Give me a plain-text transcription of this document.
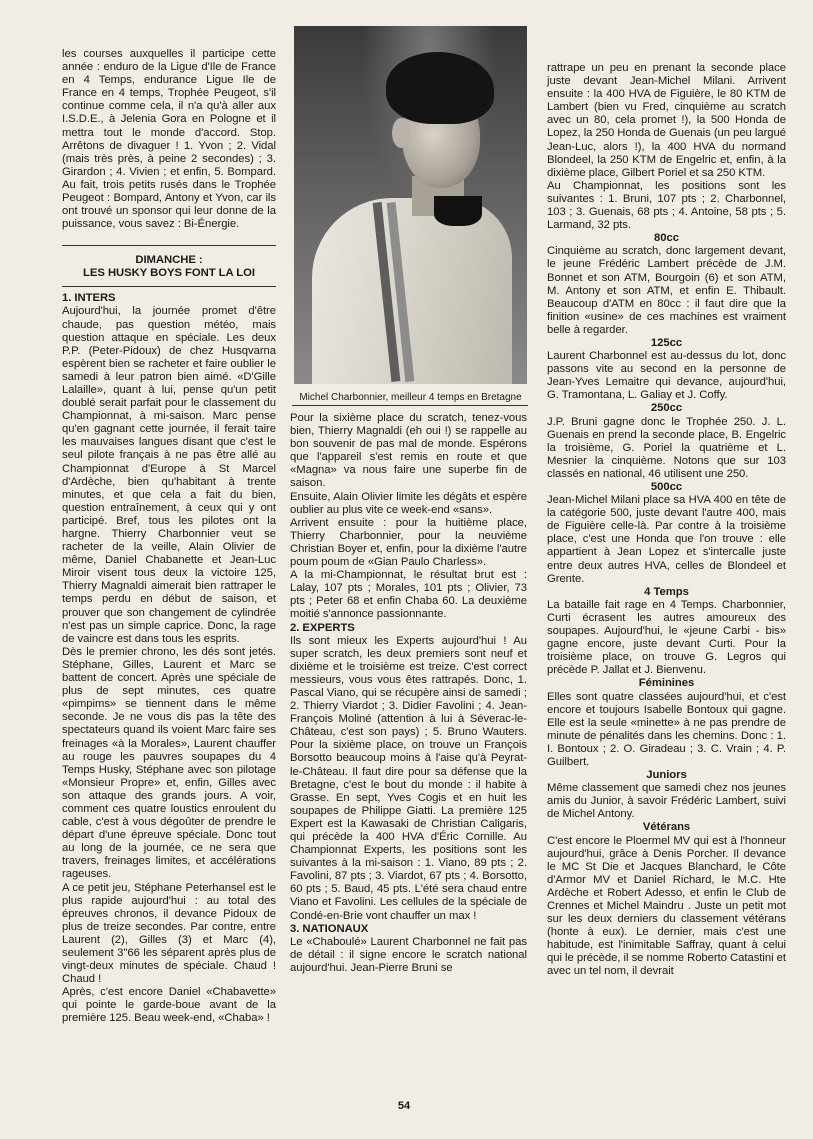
les courses auxquelles il participe cette année : enduro de la Ligue d'Ile de France en 4 Temps, endurance Ligue Ile de France en 4 temps, Trophée Peugeot, s'il continue comme cela, il n'a qu'à aller aux I.S.D.E., à Jelenia Gora en Pologne et il mettra tout le monde d'accord. Stop. Arrêtons de divaguer ! 1. Yvon ; 2. Vidal (mais très près, à peine 2 secondes) ; 3. Girardon ; 4. Vivien ; et enfin, 5. Bompard. Au fait, trois petits rusés dans le Trophée Peugeot : Bompard, Antony et Yvon, car ils ont trouvé un sponsor qui leur donne de la puissance, vous savez : Bi-Énergie.

DIMANCHE :
LES HUSKY BOYS FONT LA LOI

1. INTERS

Aujourd'hui, la journée promet d'être chaude, pas question météo, mais question attaque en spéciale. Les deux P.P. (Peter-Pidoux) de chez Husqvarna espèrent bien se racheter et faire oublier le samedi à leur patron bien aimé. «D'Gille Lalaille», quant à lui, pense qu'un petit doublé serait parfait pour le classement du Championnat, à mi-saison. Marc pense qu'en gagnant cette journée, il ferait taire les mauvaises langues disant que c'est le seul pilote français à ne pas être allé au Championnat d'Europe à St Marcel d'Ardèche, bien qu'habitant à trente minutes, et que cela a fait du bien, question entraînement, à ceux qui y ont participé. Bref, tous les pilotes ont la hargne. Thierry Charbonnier veut se racheter de la veille, Alain Olivier de même, Daniel Chabanette et Jean-Luc Miroir visent tous deux la victoire 125, Thierry Magnaldi aimerait bien rattraper le temps perdu en début de saison, et prouver que son changement de cylindrée n'est pas un simple caprice. Donc, la rage de vaincre est dans tous les esprits.

Dès le premier chrono, les dés sont jetés. Stéphane, Gilles, Laurent et Marc se battent de concert. Après une spéciale de plus de sept minutes, ces quatre «pimpims» se tiennent dans le même seconde. Je ne vous dis pas la tête des spectateurs quand ils voient Marc faire ses freinages «à la Morales», Laurent chauffer au rouge les pauvres soupapes du 4 Temps Husky, Stéphane avec son pilotage «Monsieur Propre» et, enfin, Gilles avec son attaque des grands jours. A voir, comment ces quatre loustics enroulent du cable, c'est à vous dégoûter de prendre le départ d'une épreuve spéciale. Donc tout au long de la journée, ce ne sera que travers, freinages limites, et accélérations rageuses.

A ce petit jeu, Stéphane Peterhansel est le plus rapide aujourd'hui : au total des épreuves chronos, il devance Pidoux de plus de treize secondes. Par contre, entre Laurent (2), Gilles (3) et Marc (4), seulement 3"66 les séparent après plus de vingt-deux minutes de spéciale. Chaud ! Chaud !

Après, c'est encore Daniel «Chabavette» qui pointe le garde-boue avant de la première 125. Beau week-end, «Chaba» !

Michel Charbonnier, meilleur 4 temps en Bretagne

Pour la sixième place du scratch, tenez-vous bien, Thierry Magnaldi (eh oui !) se rappelle au bon souvenir de pas mal de monde. Espérons que l'appareil s'est remis en route et que «Magna» va nous faire une superbe fin de saison.

Ensuite, Alain Olivier limite les dégâts et espère oublier au plus vite ce week-end «sans».

Arrivent ensuite : pour la huitième place, Thierry Charbonnier, pour la neuvième Christian Boyer et, enfin, pour la dixième l'autre poum poum de «Gian Paulo Charless».

A la mi-Championnat, le résultat brut est : Lalay, 107 pts ; Morales, 101 pts ; Olivier, 73 pts ; Peter 68 et enfin Chaba 60. La deuxième moitié s'annonce passionnante.

2. EXPERTS

Ils sont mieux les Experts aujourd'hui ! Au super scratch, les deux premiers sont neuf et dixième et le troisième est treize. C'est correct messieurs, vous vous êtes rattrapés. Donc, 1. Pascal Viano, qui se récupère ainsi de samedi ; 2. Thierry Viardot ; 3. Didier Favolini ; 4. Jean-François Moliné (attention à lui à Séverac-le-Château, c'est son pays) ; 5. Bruno Wauters. Pour la sixième place, on trouve un François Borsotto beaucoup moins à l'aise qu'à Peyrat-le-Château. Il faut dire pour sa défense que la Bretagne, c'est le bout du monde : il habite à Grasse. En sept, Yves Cogis et en huit les soupapes de Philippe Giatti. La première 125 Expert est la Kawasaki de Christian Caligaris, qui précède la 400 HVA d'Éric Cornille. Au Championnat Experts, les positions sont les suivantes à la mi-saison : 1. Viano, 89 pts ; 2. Favolini, 87 pts ; 3. Viardot, 67 pts ; 4. Borsotto, 60 pts ; 5. Baud, 45 pts. L'été sera chaud entre Viano et Favolini. Les cellules de la spéciale de Condé-en-Brie vont chauffer un max !

3. NATIONAUX

Le «Chaboulé» Laurent Charbonnel ne fait pas de détail : il signe encore le scratch national aujourd'hui. Jean-Pierre Bruni se

rattrape un peu en prenant la seconde place juste devant Jean-Michel Milani. Arrivent ensuite : la 400 HVA de Figuière, le 80 KTM de Lambert (bien vu Fred, cinquième au scratch avec un 80, cela promet !), la 500 Honda de Lopez, la 250 Honda de Guenais (un peu largué Jean-Luc, alors !), la 400 HVA du normand Blondeel, la 250 KTM de Engelric et, enfin, à la dixième place, Gilbert Poriel et sa 250 KTM.

Au Championnat, les positions sont les suivantes : 1. Bruni, 107 pts ; 2. Charbonnel, 103 ; 3. Guenais, 68 pts ; 4. Antoine, 58 pts ; 5. Larmand, 32 pts.

80cc

Cinquième au scratch, donc largement devant, le jeune Frédéric Lambert précède de J.M. Bonnet et son ATM, Bourgoin (6) et son ATM, M. Antony et son ATM, et enfin E. Thibault. Beaucoup d'ATM en 80cc : il faut dire que la finition «usine» de ces machines est vraiment belle à regarder.

125cc

Laurent Charbonnel est au-dessus du lot, donc passons vite au second en la personne de Jean-Yves Lemaitre qui devance, aujourd'hui, G. Tramontana, L. Galiay et J. Coffy.

250cc

J.P. Bruni gagne donc le Trophée 250. J. L. Guenais en prend la seconde place, B. Engelric la troisième, G. Poriel la quatrième et L. Mesnier la cinquième. Notons que sur 103 classés en national, 46 utilisent une 250.

500cc

Jean-Michel Milani place sa HVA 400 en tête de la catégorie 500, juste devant l'autre 400, mais de Figuière celle-là. Par contre à la troisième place, c'est une Honda que l'on trouve : elle appartient à Jean Lopez et s'intercalle juste entre deux autres HVA, celles de Blondeel et Grente.

4 Temps

La bataille fait rage en 4 Temps. Charbonnier, Curti écrasent les autres amoureux des soupapes. Aujourd'hui, le «jeune Carbi - bis» gagne encore, juste devant Curti. Pour la troisième place, on trouve G. Legros qui précède P. Jallat et J. Bienvenu.

Féminines

Elles sont quatre classées aujourd'hui, et c'est encore et toujours Isabelle Bontoux qui gagne. Elle est la seule «minette» à ne pas prendre de minute de pénalités dans les chemins. Donc : 1. I. Bontoux ; 2. O. Giradeau ; 3. C. Vrain ; 4. P. Guilbert.

Juniors

Même classement que samedi chez nos jeunes amis du Junior, à savoir Frédéric Lambert, suivi de Michel Antony.

Vétérans

C'est encore le Ploermel MV qui est à l'honneur aujourd'hui, grâce à Denis Porcher. Il devance le MC St Die et Jacques Blanchard, le Côte d'Armor MV et Daniel Richard, le M.C. Hte Ardèche et Robert Adesso, et enfin le Club de Crennes et Michel Maindru . Juste un petit mot sur les deux derniers du classement vétérans (honte à eux). Le dernier, mais c'est une habitude, est l'inimitable Saffray, quant à celui qui le précède, il se nomme Roberto Catastini et avec un tel nom, il devrait

54
